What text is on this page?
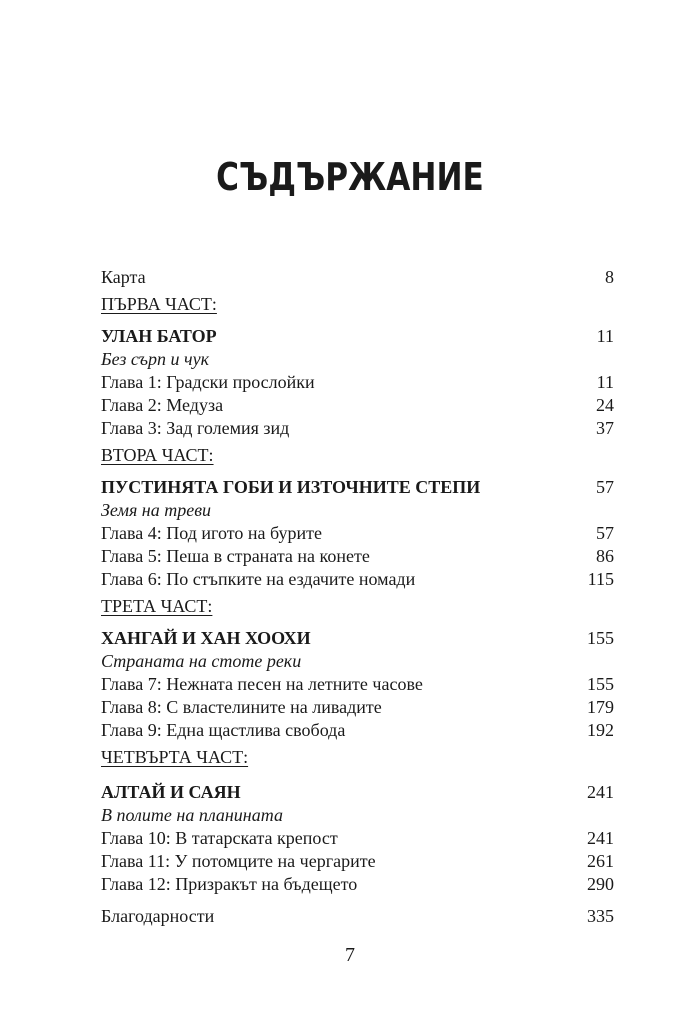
СЪДЪРЖАНИЕ
Карта	8
ПЪРВА ЧАСТ:
УЛАН БАТОР	11
Без сърп и чук
Глава 1: Градски прослойки	11
Глава 2: Медуза	24
Глава 3: Зад големия зид	37
ВТОРА ЧАСТ:
ПУСТИНЯТА ГОБИ И ИЗТОЧНИТЕ СТЕПИ	57
Земя на треви
Глава 4: Под игото на бурите	57
Глава 5: Пеша в страната на конете	86
Глава 6: По стъпките на ездачите номади	115
ТРЕТА ЧАСТ:
ХАНГАЙ И ХАН ХООХИ	155
Страната на стоте реки
Глава 7: Нежната песен на летните часове	155
Глава 8: С властелините на ливадите	179
Глава 9: Една щастлива свобода	192
ЧЕТВЪРТА ЧАСТ:
АЛТАЙ И САЯН	241
В полите на планината
Глава 10: В татарската крепост	241
Глава 11: У потомците на чергарите	261
Глава 12: Призракът на бъдещето	290
Благодарности	335
7
